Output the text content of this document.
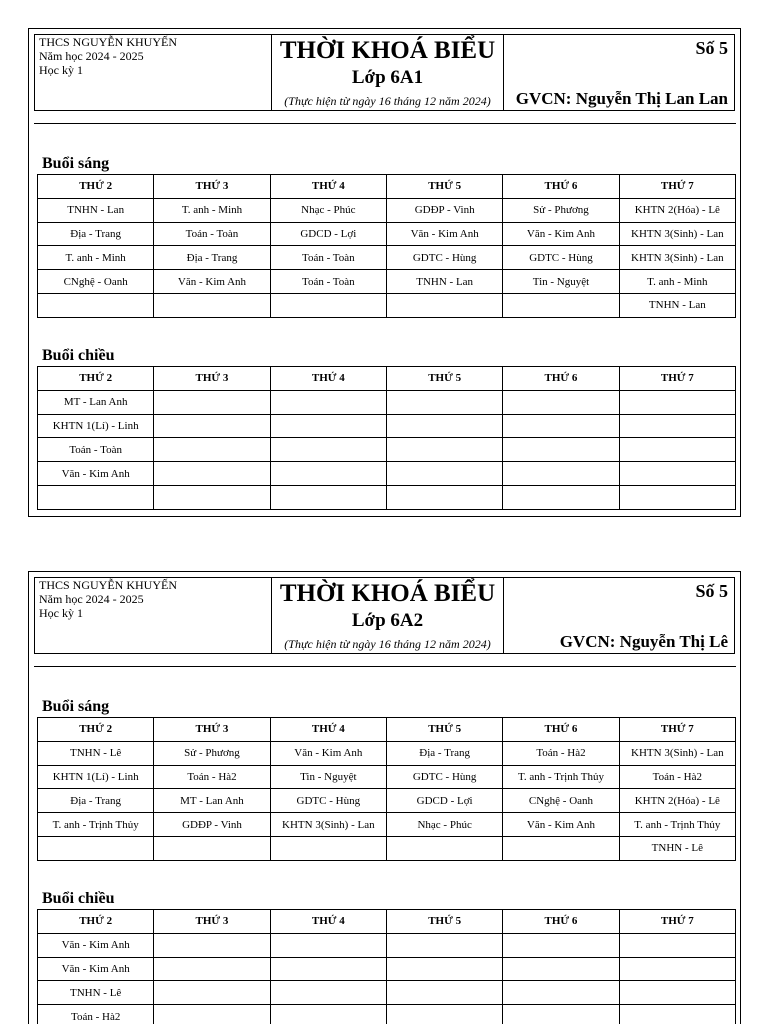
THCS NGUYỄN KHUYẾN
Năm học 2024 - 2025
Học kỳ 1
THỜI KHOÁ BIỂU
Lớp 6A1
(Thực hiện từ ngày 16 tháng 12 năm 2024)
Số 5
GVCN: Nguyễn Thị Lan Lan
Buổi sáng
THỨ 2	THỨ 3	THỨ 4	THỨ 5	THỨ 6	THỨ 7
TNHN - Lan	T. anh - Minh	Nhạc - Phúc	GDĐP - Vinh	Sử - Phương	KHTN 2(Hóa) - Lê
Địa - Trang	Toán - Toàn	GDCD - Lợi	Văn - Kim Anh	Văn - Kim Anh	KHTN 3(Sinh) - Lan
T. anh - Minh	Địa - Trang	Toán - Toàn	GDTC - Hùng	GDTC - Hùng	KHTN 3(Sinh) - Lan
CNghệ - Oanh	Văn - Kim Anh	Toán - Toàn	TNHN - Lan	Tin - Nguyệt	T. anh - Minh
					TNHN - Lan
Buổi chiều
THỨ 2	THỨ 3	THỨ 4	THỨ 5	THỨ 6	THỨ 7
MT - Lan Anh					
KHTN 1(Lí) - Linh					
Toán - Toàn					
Văn - Kim Anh					

THCS NGUYỄN KHUYẾN
Năm học 2024 - 2025
Học kỳ 1
THỜI KHOÁ BIỂU
Lớp 6A2
(Thực hiện từ ngày 16 tháng 12 năm 2024)
Số 5
GVCN: Nguyễn Thị Lê
Buổi sáng
THỨ 2	THỨ 3	THỨ 4	THỨ 5	THỨ 6	THỨ 7
TNHN - Lê	Sử - Phương	Văn - Kim Anh	Địa - Trang	Toán - Hà2	KHTN 3(Sinh) - Lan
KHTN 1(Lí) - Linh	Toán - Hà2	Tin - Nguyệt	GDTC - Hùng	T. anh - Trịnh Thủy	Toán - Hà2
Địa - Trang	MT - Lan Anh	GDTC - Hùng	GDCD - Lợi	CNghệ - Oanh	KHTN 2(Hóa) - Lê
T. anh - Trịnh Thủy	GDĐP - Vinh	KHTN 3(Sinh) - Lan	Nhạc - Phúc	Văn - Kim Anh	T. anh - Trịnh Thủy
					TNHN - Lê
Buổi chiều
THỨ 2	THỨ 3	THỨ 4	THỨ 5	THỨ 6	THỨ 7
Văn - Kim Anh					
Văn - Kim Anh					
TNHN - Lê					
Toán - Hà2					
